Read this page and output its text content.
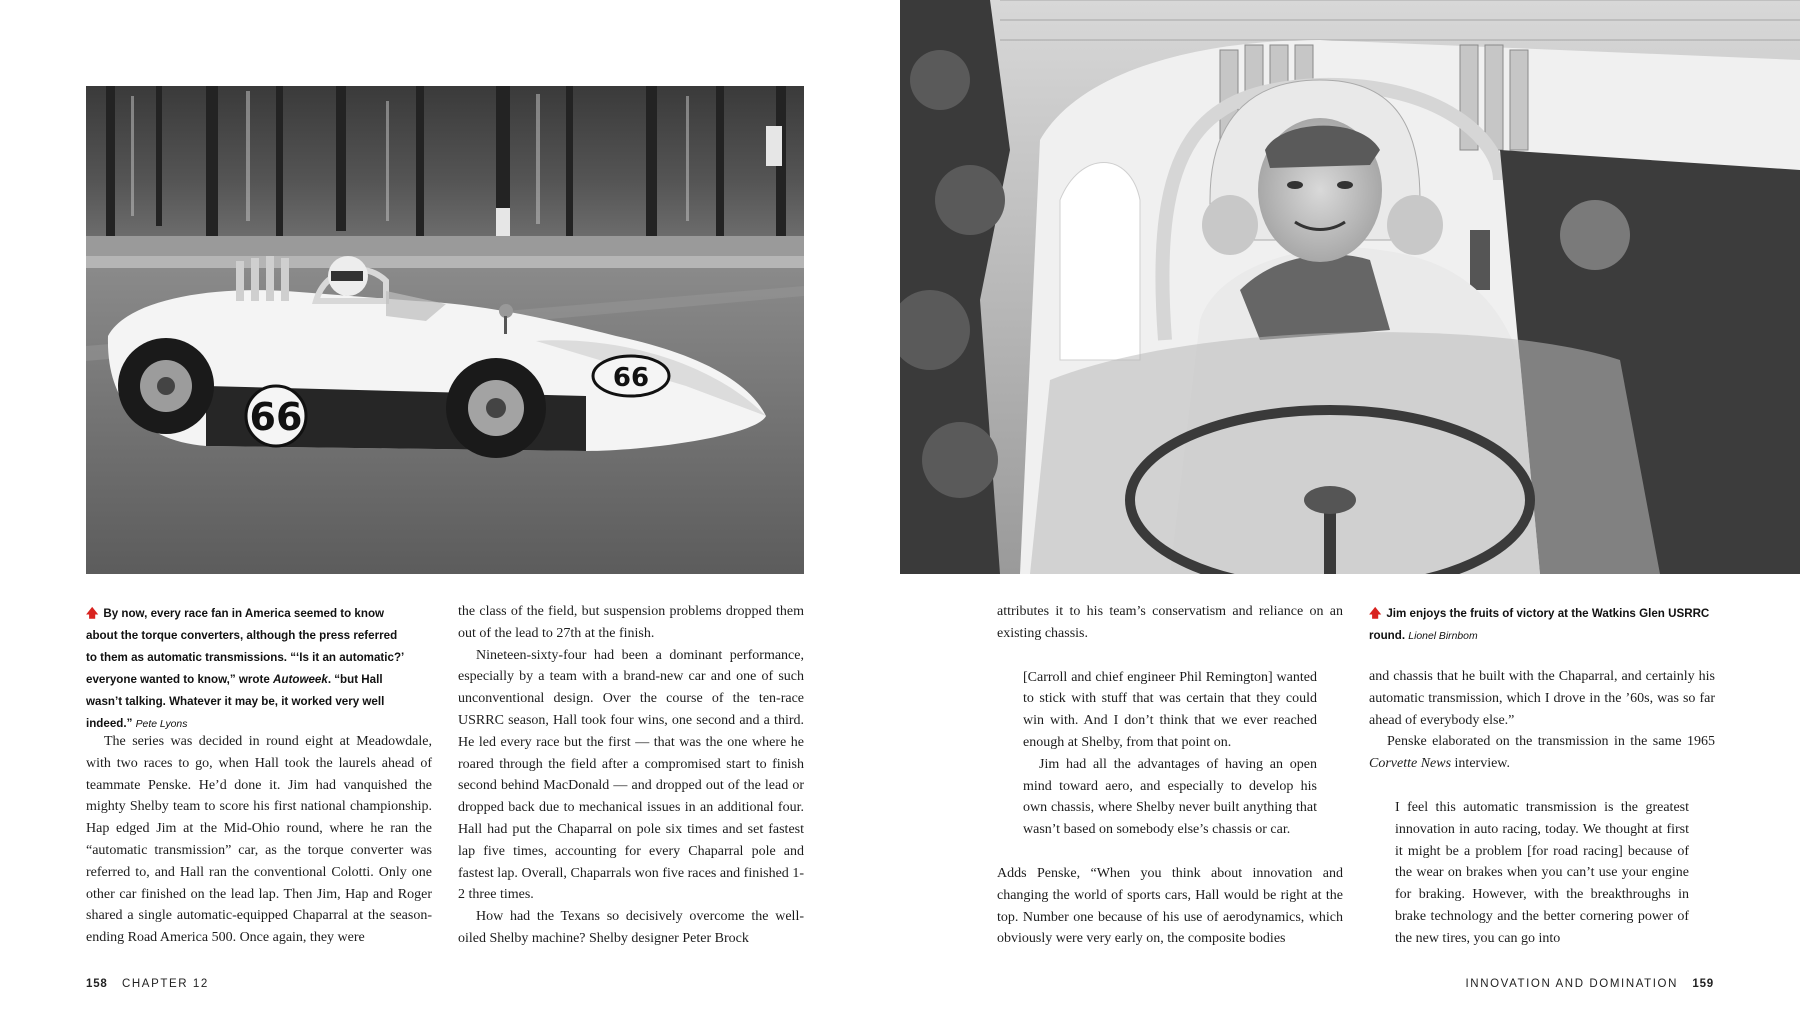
66
66
🡅 By now, every race fan in America seemed to know about the torque converters, although the press referred to them as automatic transmissions. “‘Is it an automatic?’ everyone wanted to know,” wrote Autoweek. “but Hall wasn’t talking. Whatever it may be, it worked very well indeed.” Pete Lyons

The series was decided in round eight at Meadowdale, with two races to go, when Hall took the laurels ahead of teammate Penske. He’d done it. Jim had vanquished the mighty Shelby team to score his first national championship. Hap edged Jim at the Mid-Ohio round, where he ran the “automatic transmission” car, as the torque converter was referred to, and Hall ran the conventional Colotti. Only one other car finished on the lead lap. Then Jim, Hap and Roger shared a single automatic-equipped Chaparral at the season-ending Road America 500. Once again, they were

the class of the field, but suspension problems dropped them out of the lead to 27th at the finish.

Nineteen-sixty-four had been a dominant performance, especially by a team with a brand-new car and one of such unconventional design. Over the course of the ten-race USRRC season, Hall took four wins, one second and a third. He led every race but the first — that was the one where he roared through the field after a compromised start to finish second behind MacDonald — and dropped out of the lead or dropped back due to mechanical issues in an additional four. Hall had put the Chaparral on pole six times and set fastest lap five times, accounting for every Chaparral pole and fastest lap. Overall, Chaparrals won five races and finished 1-2 three times.

How had the Texans so decisively overcome the well-oiled Shelby machine? Shelby designer Peter Brock

158 CHAPTER 12

attributes it to his team’s conservatism and reliance on an existing chassis.

[Carroll and chief engineer Phil Remington] wanted to stick with stuff that was certain that they could win with. And I don’t think that we ever reached enough at Shelby, from that point on.

Jim had all the advantages of having an open mind toward aero, and especially to develop his own chassis, where Shelby never built anything that wasn’t based on somebody else’s chassis or car.

Adds Penske, “When you think about innovation and changing the world of sports cars, Hall would be right at the top. Number one because of his use of aerodynamics, which obviously were very early on, the composite bodies

🡅 Jim enjoys the fruits of victory at the Watkins Glen USRRC round. Lionel Birnbom

and chassis that he built with the Chaparral, and certainly his automatic transmission, which I drove in the ’60s, was so far ahead of everybody else.”

Penske elaborated on the transmission in the same 1965 Corvette News interview.

I feel this automatic transmission is the greatest innovation in auto racing, today. We thought at first it might be a problem [for road racing] because of the wear on brakes when you can’t use your engine for braking. However, with the breakthroughs in brake technology and the better cornering power of the new tires, you can go into

INNOVATION AND DOMINATION 159
